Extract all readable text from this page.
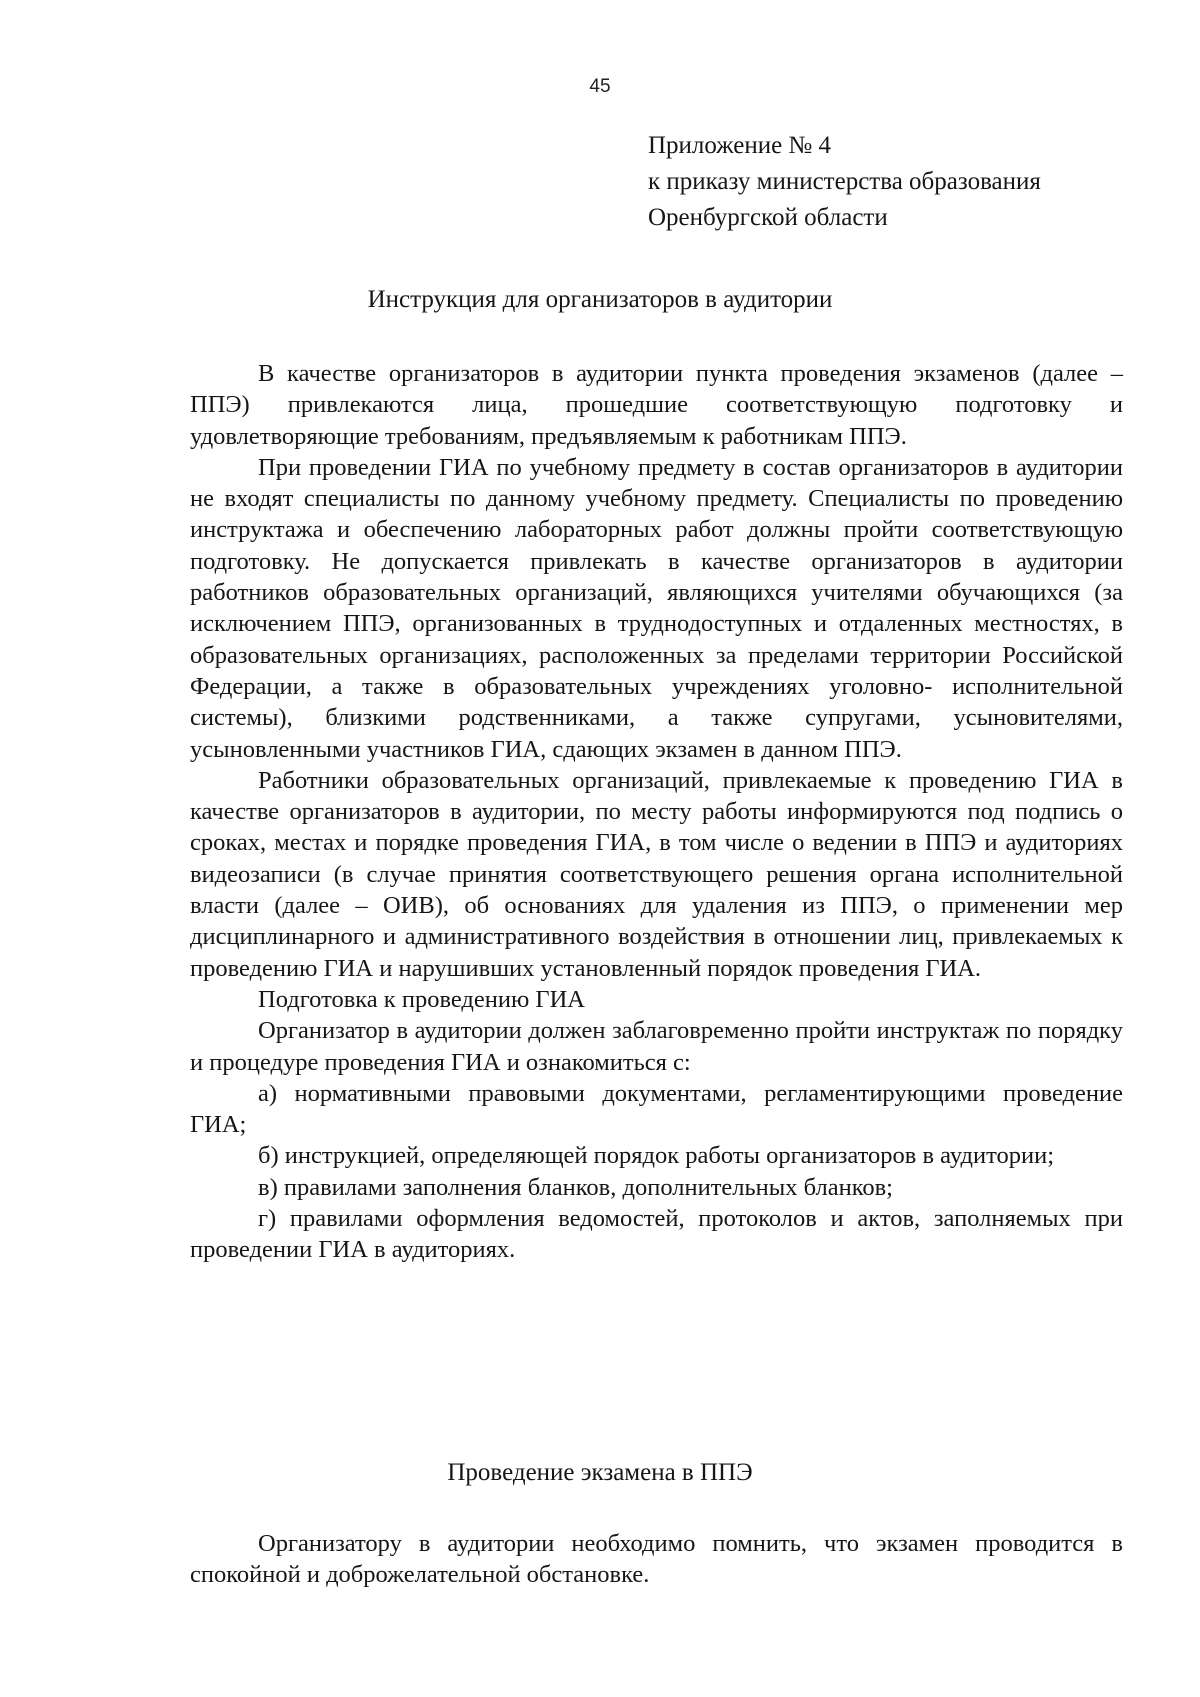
45
Приложение № 4
к приказу министерства образования
Оренбургской области
Инструкция для организаторов в аудитории

В качестве организаторов в аудитории пункта проведения экзаменов (далее – ППЭ) привлекаются лица, прошедшие соответствующую подготовку и удовлетворяющие требованиям, предъявляемым к работникам ППЭ.

При проведении ГИА по учебному предмету в состав организаторов в аудитории не входят специалисты по данному учебному предмету. Специалисты по проведению инструктажа и обеспечению лабораторных работ должны пройти соответствующую подготовку. Не допускается привлекать в качестве организаторов в аудитории работников образовательных организаций, являющихся учителями обучающихся (за исключением ППЭ, организованных в труднодоступных и отдаленных местностях, в образовательных организациях, расположенных за пределами территории Российской Федерации, а также в образовательных учреждениях уголовно- исполнительной системы), близкими родственниками, а также супругами, усыновителями, усыновленными участников ГИА, сдающих экзамен в данном ППЭ.

Работники образовательных организаций, привлекаемые к проведению ГИА в качестве организаторов в аудитории, по месту работы информируются под подпись о сроках, местах и порядке проведения ГИА, в том числе о ведении в ППЭ и аудиториях видеозаписи (в случае принятия соответствующего решения органа исполнительной власти (далее – ОИВ), об основаниях для удаления из ППЭ, о применении мер дисциплинарного и административного воздействия в отношении лиц, привлекаемых к проведению ГИА и нарушивших установленный порядок проведения ГИА.

Подготовка к проведению ГИА

Организатор в аудитории должен заблаговременно пройти инструктаж по порядку и процедуре проведения ГИА и ознакомиться с:

а) нормативными правовыми документами, регламентирующими проведение ГИА;

б) инструкцией, определяющей порядок работы организаторов в аудитории;

в) правилами заполнения бланков, дополнительных бланков;

г) правилами оформления ведомостей, протоколов и актов, заполняемых при проведении ГИА в аудиториях.

Проведение экзамена в ППЭ

Организатору в аудитории необходимо помнить, что экзамен проводится в спокойной и доброжелательной обстановке.
